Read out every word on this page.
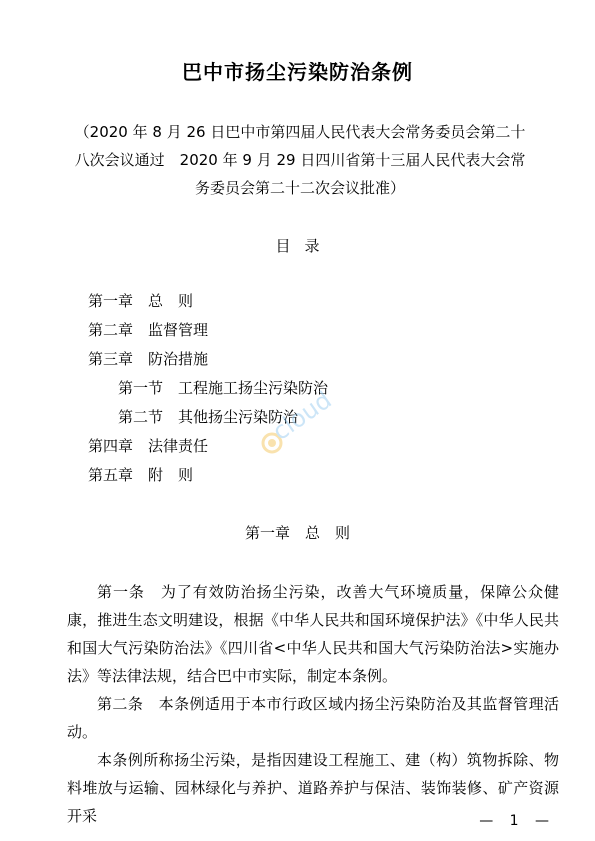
巴中市扬尘污染防治条例
（2020 年 8 月 26 日巴中市第四届人民代表大会常务委员会第二十
八次会议通过　2020 年 9 月 29 日四川省第十三届人民代表大会常
务委员会第二十二次会议批准）
目录
第一章 总　则
第二章 监督管理
第三章 防治措施
第一节 工程施工扬尘污染防治
第二节 其他扬尘污染防治
第四章 法律责任
第五章 附　则
cloud
第一章 总　则

第一条　为了有效防治扬尘污染，改善大气环境质量，保障公众健康，推进生态文明建设，根据《中华人民共和国环境保护法》《中华人民共和国大气污染防治法》《四川省<中华人民共和国大气污染防治法>实施办法》等法律法规，结合巴中市实际，制定本条例。

第二条　本条例适用于本市行政区域内扬尘污染防治及其监督管理活动。

本条例所称扬尘污染，是指因建设工程施工、建（构）筑物拆除、物料堆放与运输、园林绿化与养护、道路养护与保洁、装饰装修、矿产资源开采	— 1 —
